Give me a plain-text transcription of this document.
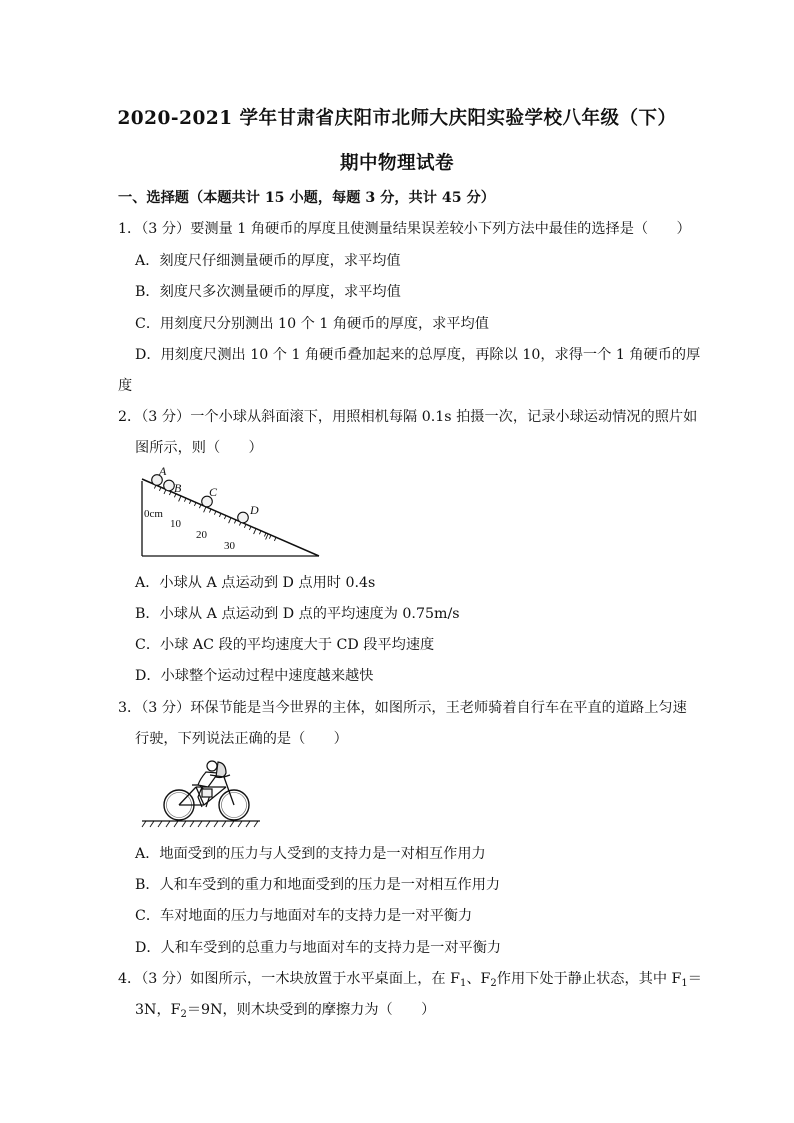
2020-2021 学年甘肃省庆阳市北师大庆阳实验学校八年级（下）
期中物理试卷
一、选择题（本题共计 15 小题，每题 3 分，共计 45 分）
1．（3 分）要测量 1 角硬币的厚度且使测量结果误差较小下列方法中最佳的选择是（　　）
A．刻度尺仔细测量硬币的厚度，求平均值
B．刻度尺多次测量硬币的厚度，求平均值
C．用刻度尺分别测出 10 个 1 角硬币的厚度，求平均值
D．用刻度尺测出 10 个 1 角硬币叠加起来的总厚度，再除以 10，求得一个 1 角硬币的厚
度
2．（3 分）一个小球从斜面滚下，用照相机每隔 0.1s 拍摄一次，记录小球运动情况的照片如
图所示，则（　　）
A
B C
D
0cm
10
20
30
A．小球从 A 点运动到 D 点用时 0.4s
B．小球从 A 点运动到 D 点的平均速度为 0.75m/s
C．小球 AC 段的平均速度大于 CD 段平均速度
D．小球整个运动过程中速度越来越快
3．（3 分）环保节能是当今世界的主体，如图所示，王老师骑着自行车在平直的道路上匀速
行驶，下列说法正确的是（　　）
A．地面受到的压力与人受到的支持力是一对相互作用力
B．人和车受到的重力和地面受到的压力是一对相互作用力
C．车对地面的压力与地面对车的支持力是一对平衡力
D．人和车受到的总重力与地面对车的支持力是一对平衡力
4．（3 分）如图所示，一木块放置于水平桌面上，在 $F_1$、$F_2$作用下处于静止状态，其中 $F_1=$
3N，$F_2=9N$，则木块受到的摩擦力为（　　）
